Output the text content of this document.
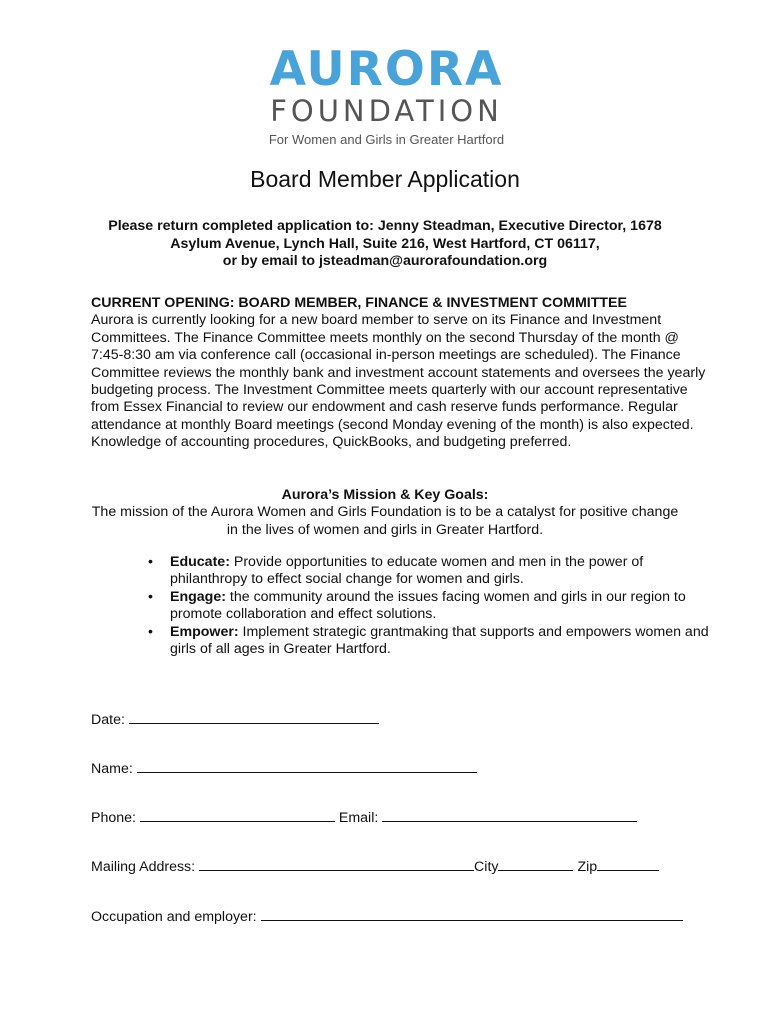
AURORA
FOUNDATION
For Women and Girls in Greater Hartford
Board Member Application
Please return completed application to: Jenny Steadman, Executive Director, 1678
Asylum Avenue, Lynch Hall, Suite 216, West Hartford, CT 06117,
or by email to jsteadman@aurorafoundation.org
CURRENT OPENING: BOARD MEMBER, FINANCE & INVESTMENT COMMITTEE
Aurora is currently looking for a new board member to serve on its Finance and Investment Committees. The Finance Committee meets monthly on the second Thursday of the month @ 7:45-8:30 am via conference call (occasional in-person meetings are scheduled). The Finance Committee reviews the monthly bank and investment account statements and oversees the yearly budgeting process. The Investment Committee meets quarterly with our account representative from Essex Financial to review our endowment and cash reserve funds performance. Regular attendance at monthly Board meetings (second Monday evening of the month) is also expected. Knowledge of accounting procedures, QuickBooks, and budgeting preferred.
Aurora’s Mission & Key Goals:
The mission of the Aurora Women and Girls Foundation is to be a catalyst for positive change
in the lives of women and girls in Greater Hartford.
• Educate: Provide opportunities to educate women and men in the power of philanthropy to effect social change for women and girls.
• Engage: the community around the issues facing women and girls in our region to promote collaboration and effect solutions.
• Empower: Implement strategic grantmaking that supports and empowers women and girls of all ages in Greater Hartford.
Date:
Name:
Phone:	Email:
Mailing Address:	City	Zip
Occupation and employer:
